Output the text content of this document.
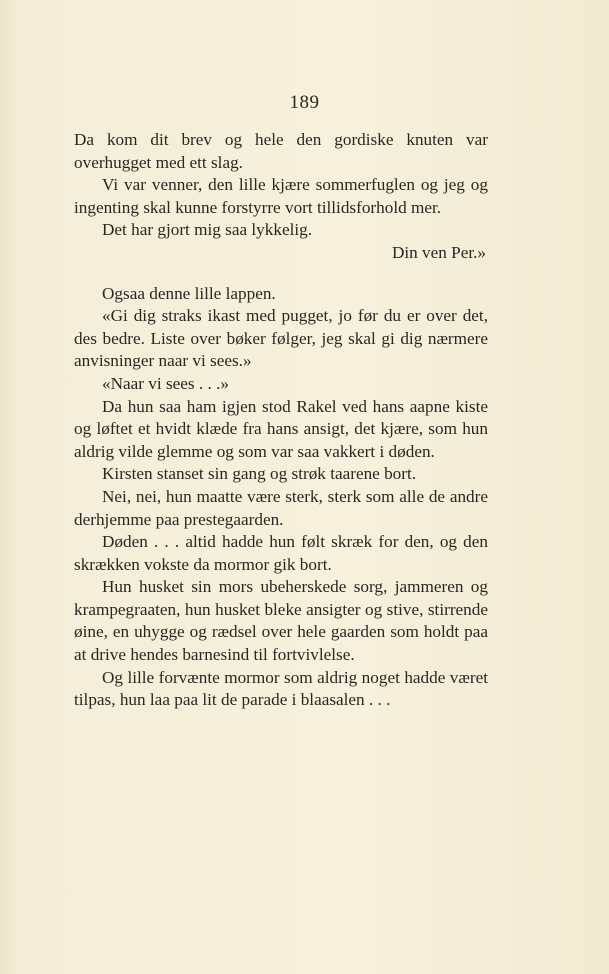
189

Da kom dit brev og hele den gordiske knuten var overhugget med ett slag.

Vi var venner, den lille kjære sommerfuglen og jeg og ingenting skal kunne forstyrre vort tillidsforhold mer.

Det har gjort mig saa lykkelig.

Din ven Per.»

Ogsaa denne lille lappen.

«Gi dig straks ikast med pugget, jo før du er over det, des bedre. Liste over bøker følger, jeg skal gi dig nærmere anvisninger naar vi sees.»

«Naar vi sees . . .»

Da hun saa ham igjen stod Rakel ved hans aapne kiste og løftet et hvidt klæde fra hans ansigt, det kjære, som hun aldrig vilde glemme og som var saa vakkert i døden.

Kirsten stanset sin gang og strøk taarene bort.

Nei, nei, hun maatte være sterk, sterk som alle de andre derhjemme paa prestegaarden.

Døden . . . altid hadde hun følt skræk for den, og den skrækken vokste da mormor gik bort.

Hun husket sin mors ubeherskede sorg, jammeren og krampegraaten, hun husket bleke ansigter og stive, stirrende øine, en uhygge og rædsel over hele gaarden som holdt paa at drive hendes barnesind til fortvivlelse.

Og lille forvænte mormor som aldrig noget hadde været tilpas, hun laa paa lit de parade i blaasalen . . .
